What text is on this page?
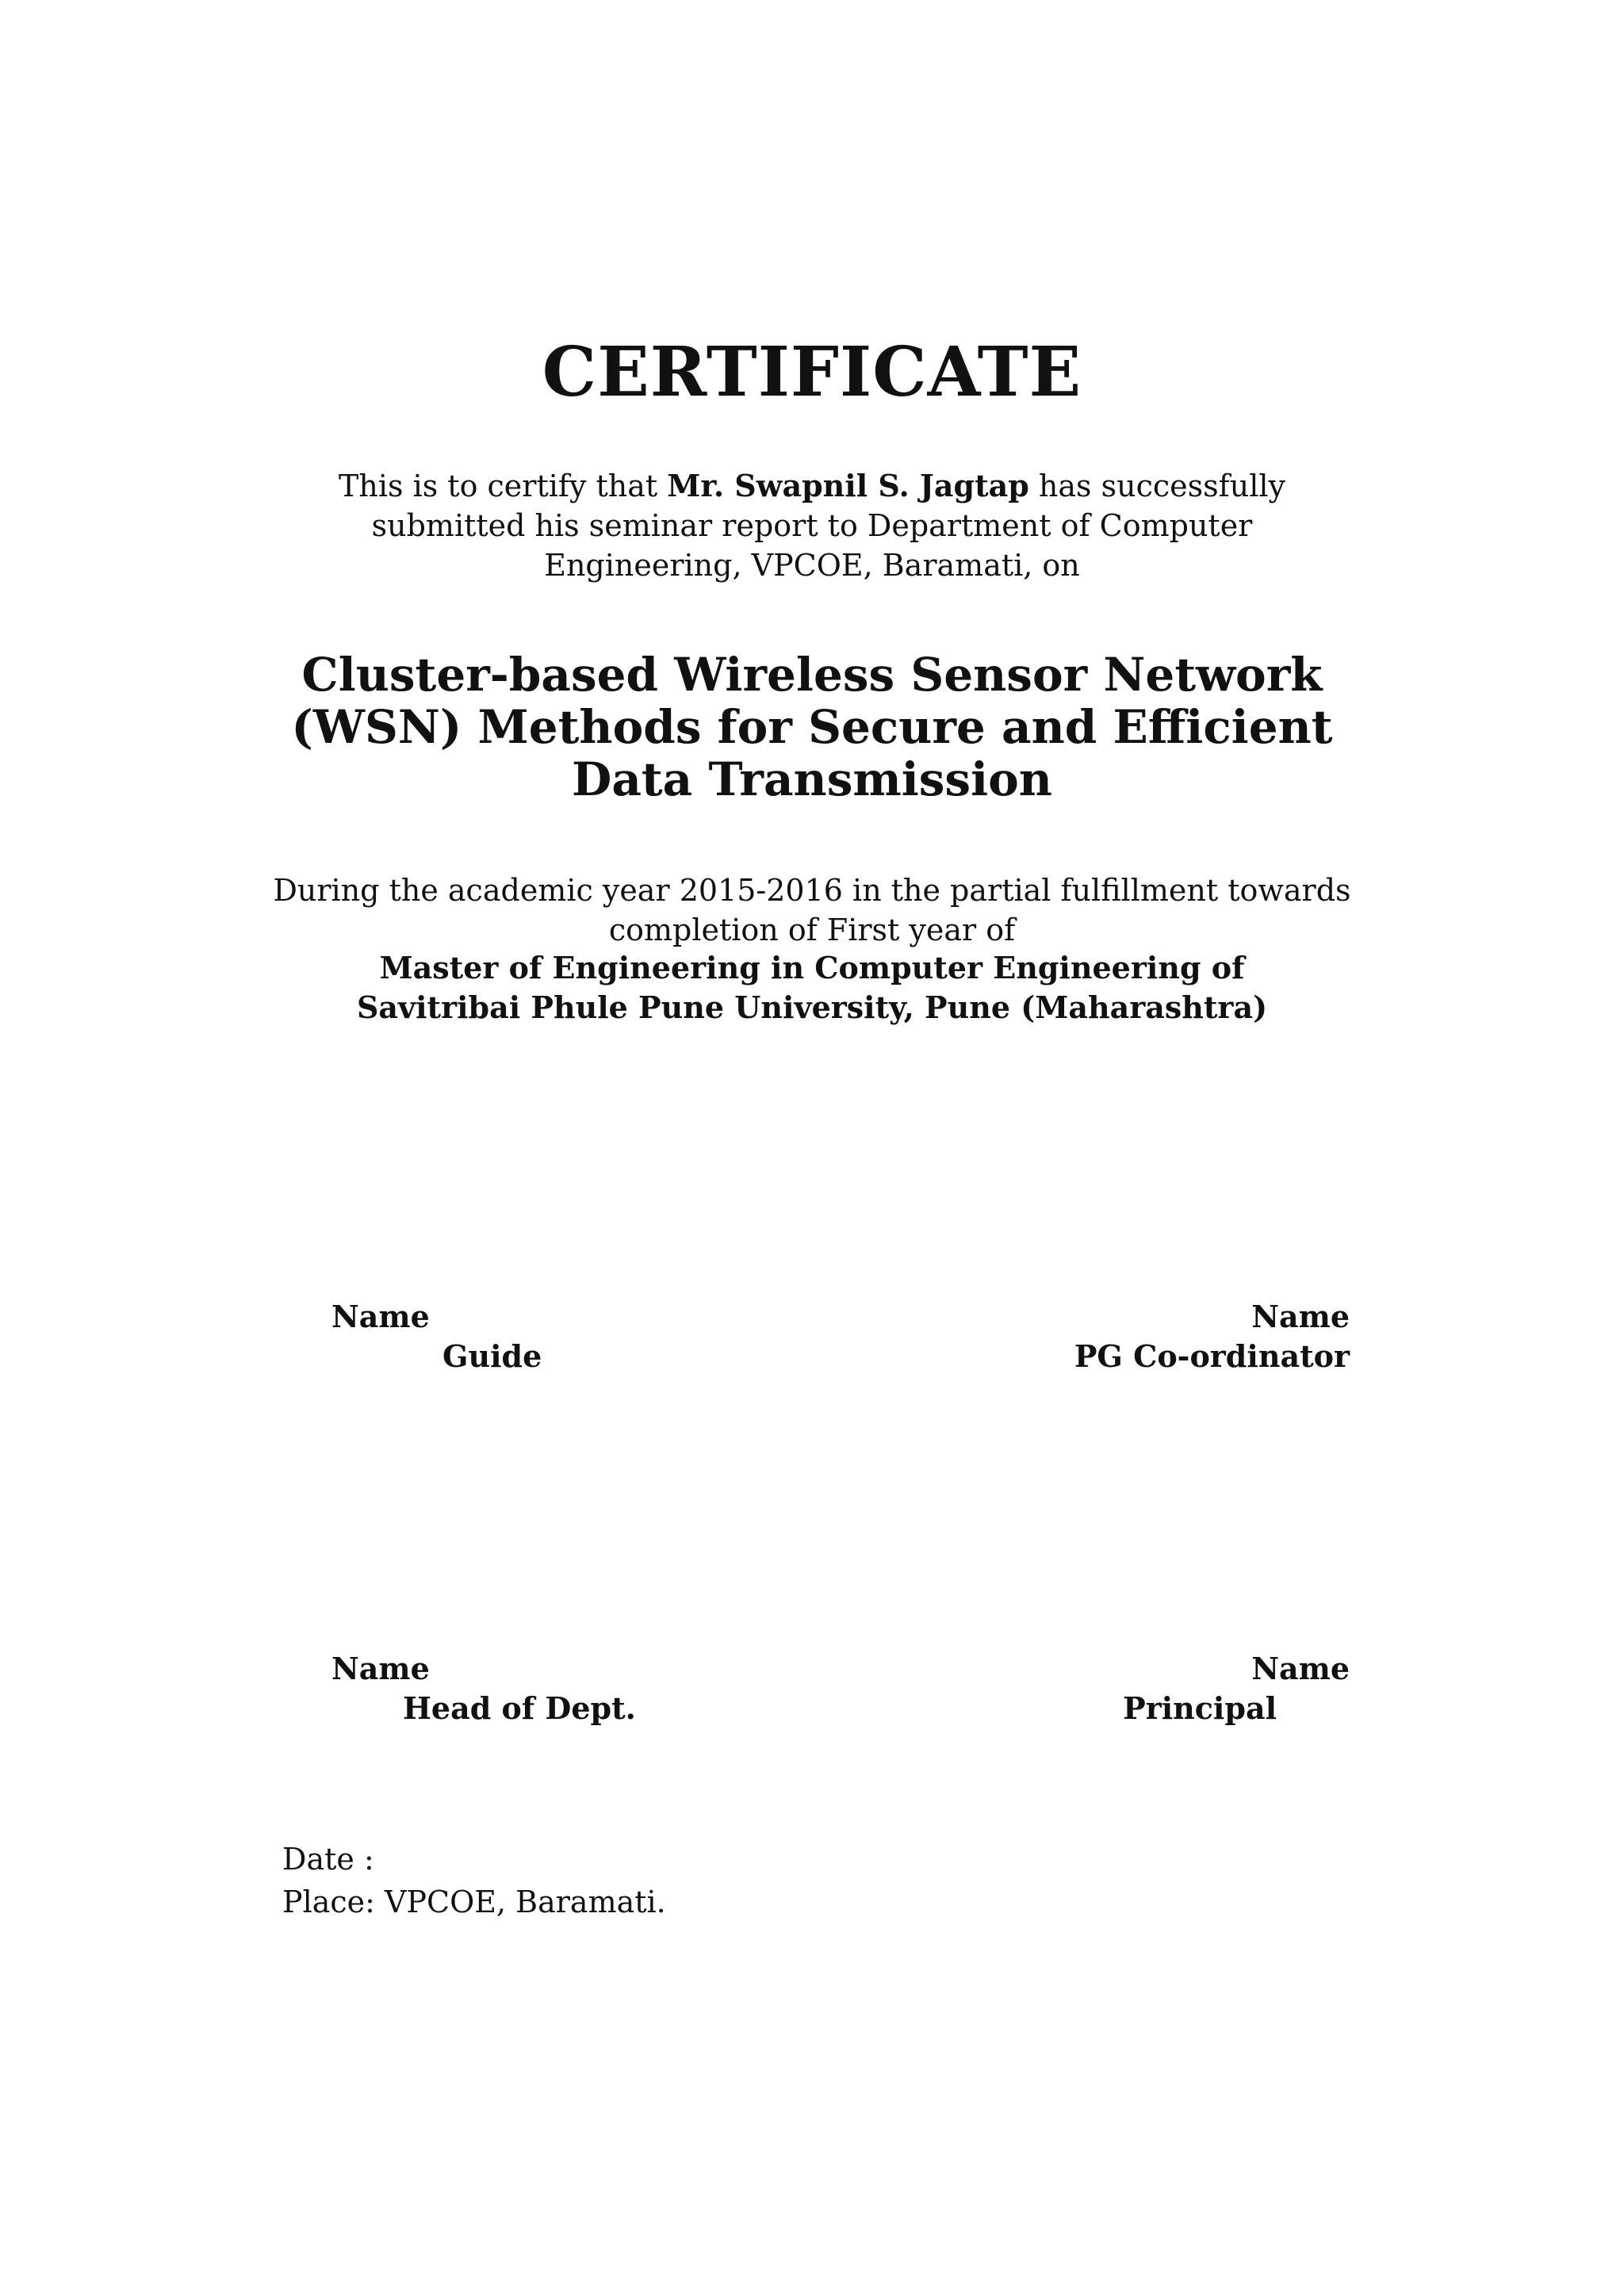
CERTIFICATE
This is to certify that Mr. Swapnil S. Jagtap has successfully submitted his seminar report to Department of Computer Engineering, VPCOE, Baramati, on
Cluster-based Wireless Sensor Network
(WSN) Methods for Secure and Efficient
Data Transmission
During the academic year 2015-2016 in the partial fulfillment towards
completion of First year of
Master of Engineering in Computer Engineering of
Savitribai Phule Pune University, Pune (Maharashtra)
Name
Guide
Name
PG Co-ordinator
Name
Head of Dept.
Name
Principal
Date :
Place: VPCOE, Baramati.
